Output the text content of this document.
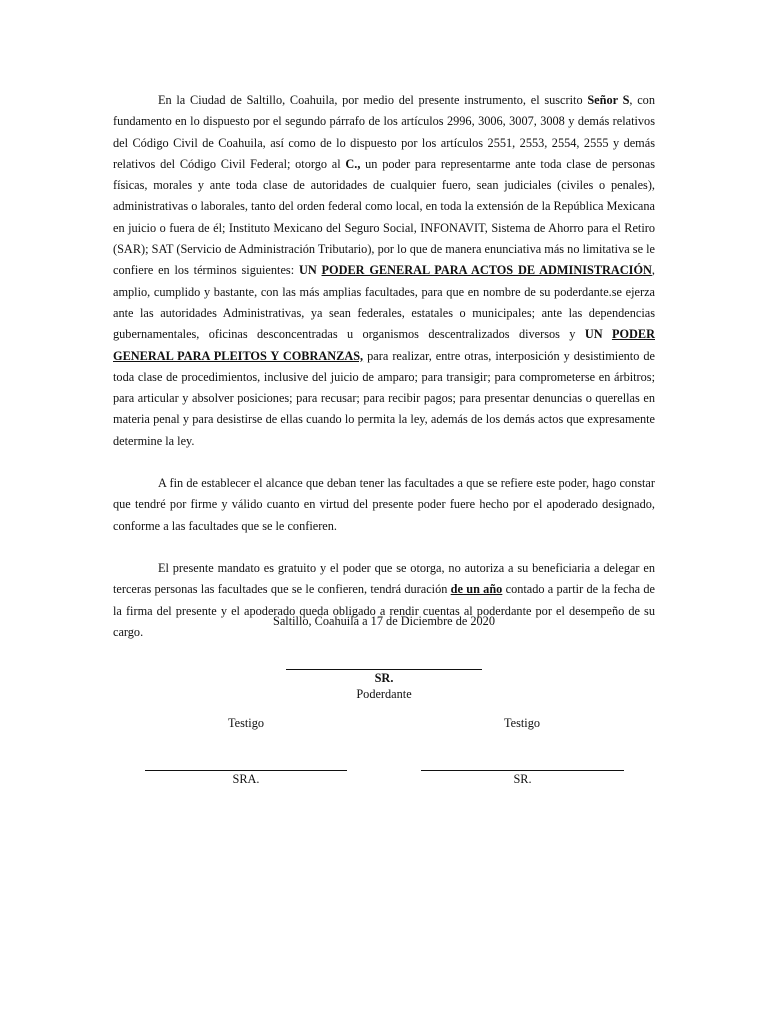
En la Ciudad de Saltillo, Coahuila, por medio del presente instrumento, el suscrito Señor S, con fundamento en lo dispuesto por el segundo párrafo de los artículos 2996, 3006, 3007, 3008 y demás relativos del Código Civil de Coahuila, así como de lo dispuesto por los artículos 2551, 2553, 2554, 2555 y demás relativos del Código Civil Federal; otorgo al C., un poder para representarme ante toda clase de personas físicas, morales y ante toda clase de autoridades de cualquier fuero, sean judiciales (civiles o penales), administrativas o laborales, tanto del orden federal como local, en toda la extensión de la República Mexicana en juicio o fuera de él; Instituto Mexicano del Seguro Social, INFONAVIT, Sistema de Ahorro para el Retiro (SAR); SAT (Servicio de Administración Tributario), por lo que de manera enunciativa más no limitativa se le confiere en los términos siguientes: UN PODER GENERAL PARA ACTOS DE ADMINISTRACIÓN, amplio, cumplido y bastante, con las más amplias facultades, para que en nombre de su poderdante.se ejerza ante las autoridades Administrativas, ya sean federales, estatales o municipales; ante las dependencias gubernamentales, oficinas desconcentradas u organismos descentralizados diversos y UN PODER GENERAL PARA PLEITOS Y COBRANZAS, para realizar, entre otras, interposición y desistimiento de toda clase de procedimientos, inclusive del juicio de amparo; para transigir; para comprometerse en árbitros; para articular y absolver posiciones; para recusar; para recibir pagos; para presentar denuncias o querellas en materia penal y para desistirse de ellas cuando lo permita la ley, además de los demás actos que expresamente determine la ley.

A fin de establecer el alcance que deban tener las facultades a que se refiere este poder, hago constar que tendré por firme y válido cuanto en virtud del presente poder fuere hecho por el apoderado designado, conforme a las facultades que se le confieren.

El presente mandato es gratuito y el poder que se otorga, no autoriza a su beneficiaria a delegar en terceras personas las facultades que se le confieren, tendrá duración de un año contado a partir de la fecha de la firma del presente y el apoderado queda obligado a rendir cuentas al poderdante por el desempeño de su cargo.

Saltillo, Coahuila a 17 de Diciembre de 2020
SR.
Poderdante
Testigo	Testigo
SRA.	SR.
